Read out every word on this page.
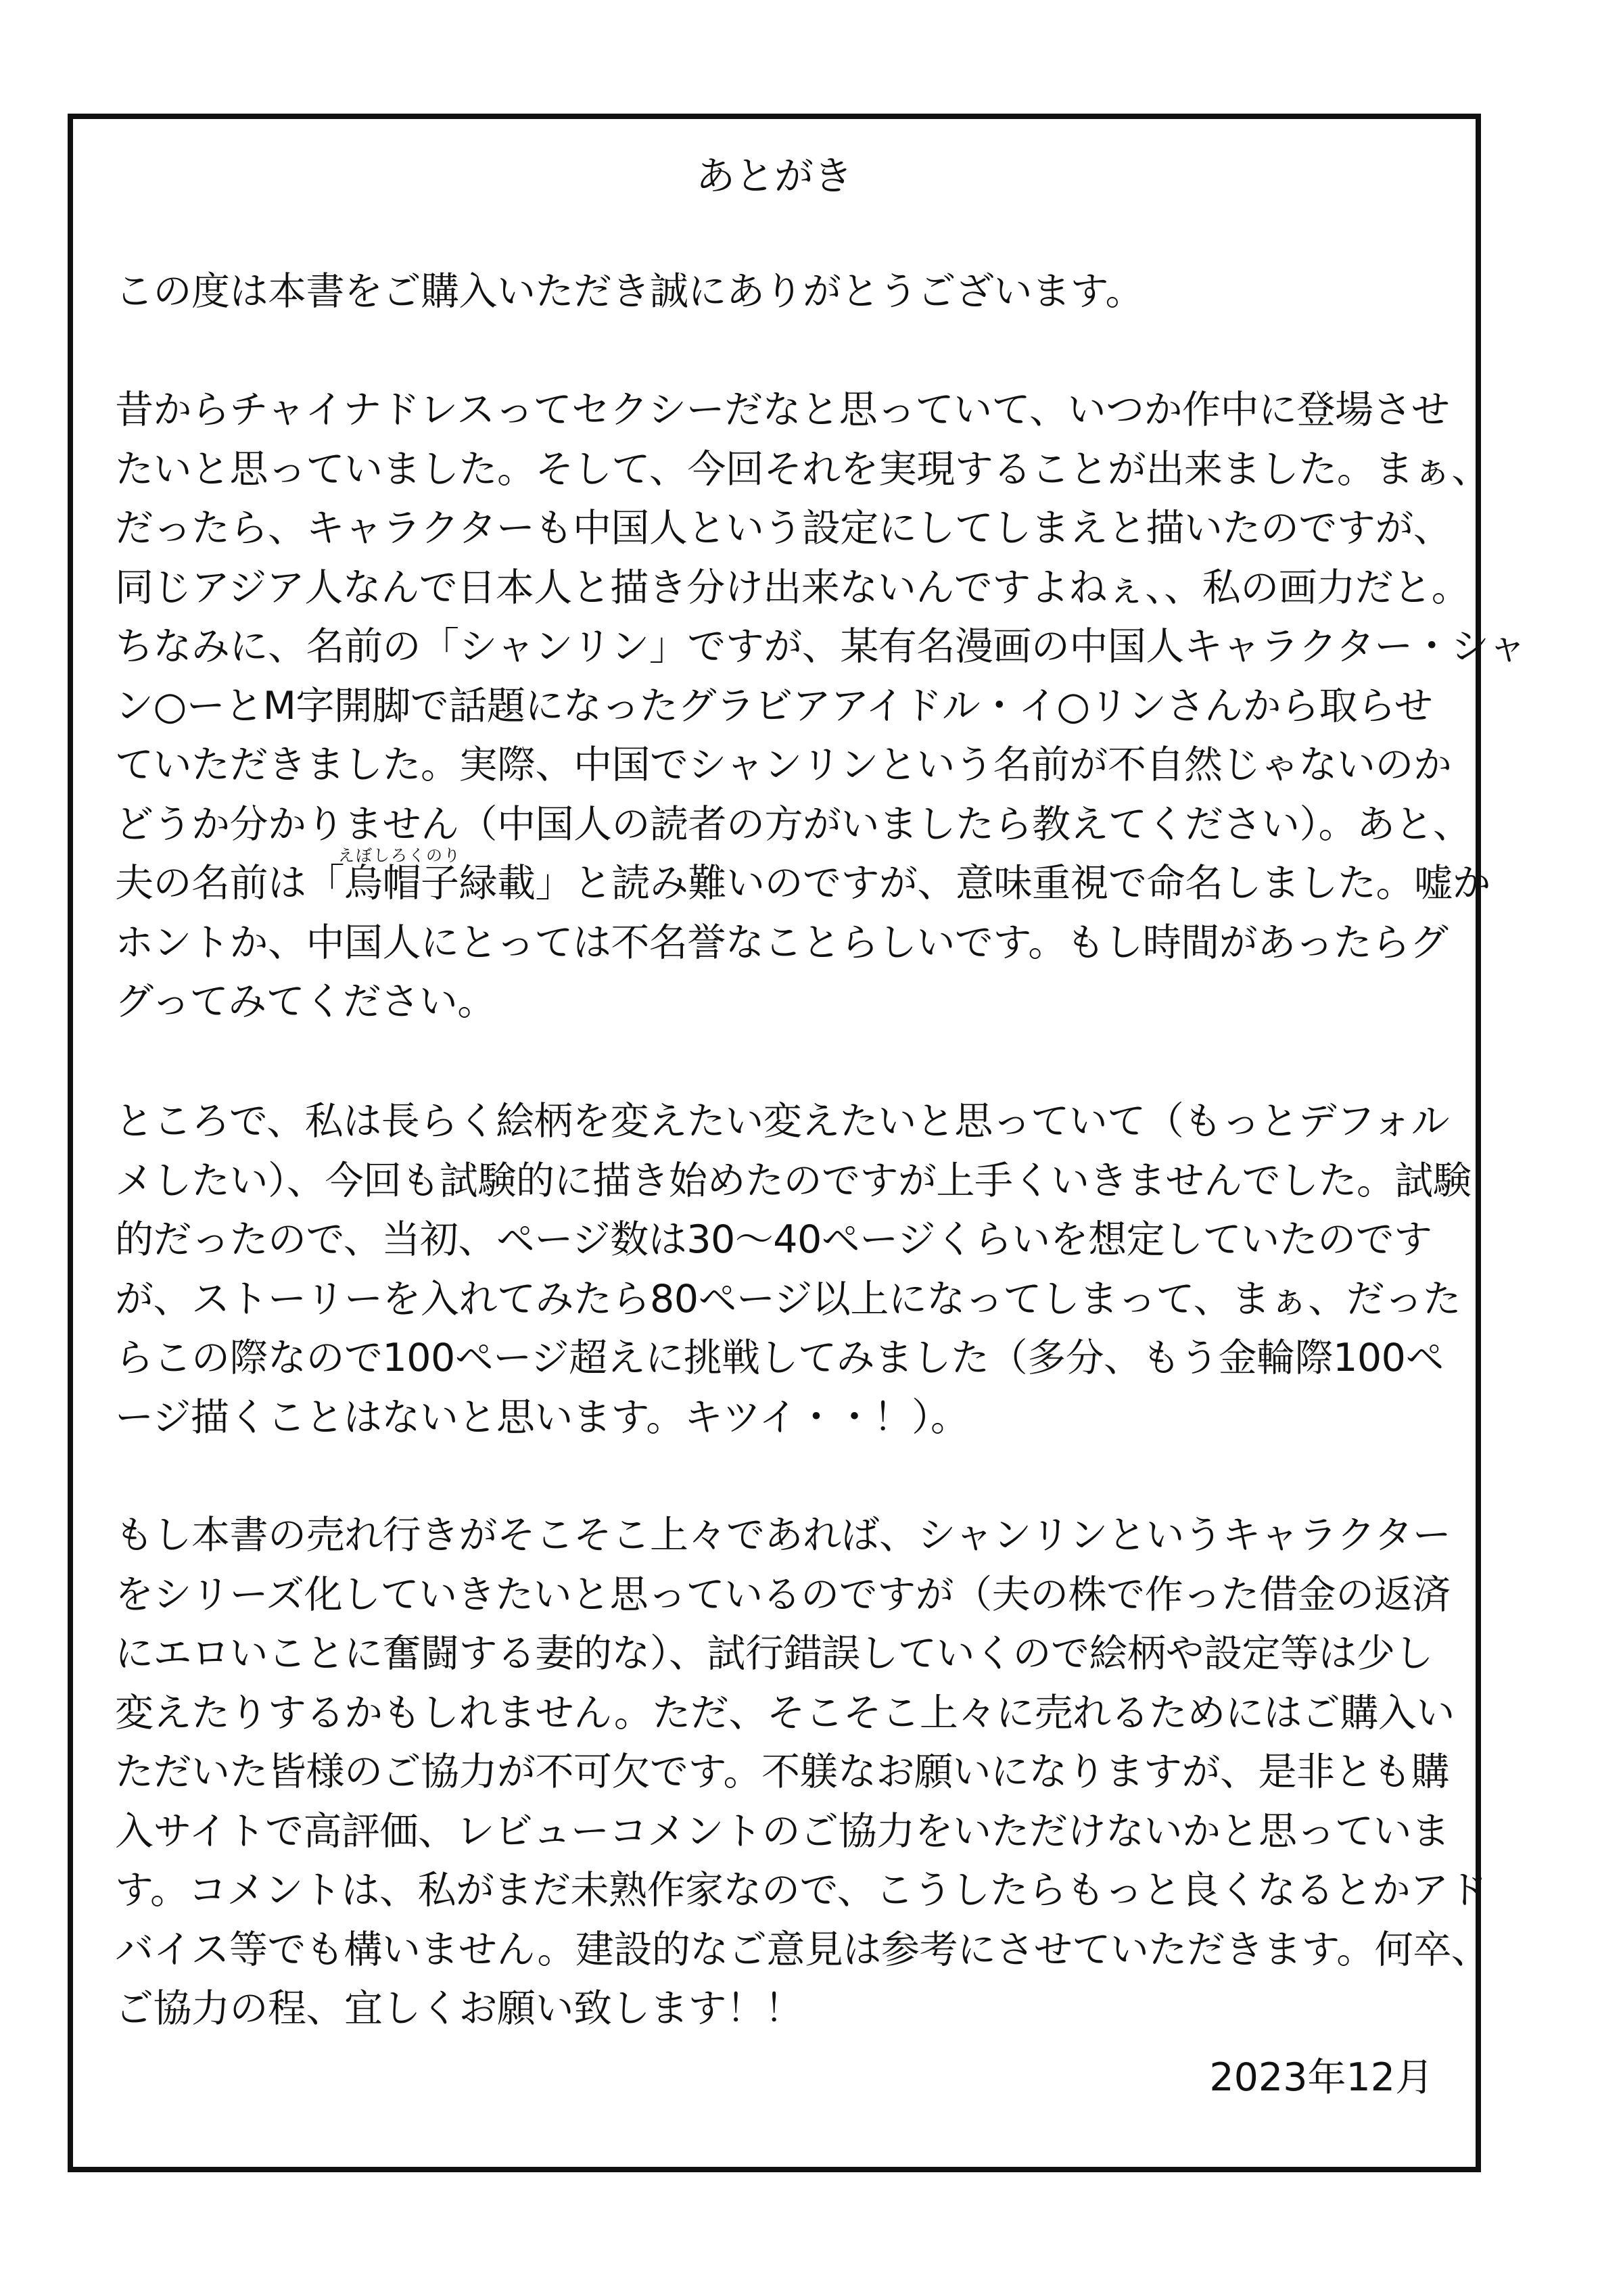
あとがき
この度は本書をご購入いただき誠にありがとうございます。
昔からチャイナドレスってセクシーだなと思っていて、いつか作中に登場させ
たいと思っていました。そして、今回それを実現することが出来ました。まぁ、
だったら、キャラクターも中国人という設定にしてしまえと描いたのですが、
同じアジア人なんで日本人と描き分け出来ないんですよねぇ、、私の画力だと。
ちなみに、名前の「シャンリン」ですが、某有名漫画の中国人キャラクター・シャ
ン○ーとM字開脚で話題になったグラビアアイドル・イ○リンさんから取らせ
ていただきました。実際、中国でシャンリンという名前が不自然じゃないのか
どうか分かりません（中国人の読者の方がいましたら教えてください）。あと、
えぼしろくのり
夫の名前は「烏帽子緑載」と読み難いのですが、意味重視で命名しました。嘘か
ホントか、中国人にとっては不名誉なことらしいです。もし時間があったらグ
グってみてください。
ところで、私は長らく絵柄を変えたい変えたいと思っていて（もっとデフォル
メしたい）、今回も試験的に描き始めたのですが上手くいきませんでした。試験
的だったので、当初、ページ数は30〜40ページくらいを想定していたのです
が、ストーリーを入れてみたら80ページ以上になってしまって、まぁ、だった
らこの際なので100ページ超えに挑戦してみました（多分、もう金輪際100ペ
ージ描くことはないと思います。キツイ・・！）。
もし本書の売れ行きがそこそこ上々であれば、シャンリンというキャラクター
をシリーズ化していきたいと思っているのですが（夫の株で作った借金の返済
にエロいことに奮闘する妻的な）、試行錯誤していくので絵柄や設定等は少し
変えたりするかもしれません。ただ、そこそこ上々に売れるためにはご購入い
ただいた皆様のご協力が不可欠です。不躾なお願いになりますが、是非とも購
入サイトで高評価、レビューコメントのご協力をいただけないかと思っていま
す。コメントは、私がまだ未熟作家なので、こうしたらもっと良くなるとかアド
バイス等でも構いません。建設的なご意見は参考にさせていただきます。何卒、
ご協力の程、宜しくお願い致します！！
2023年12月
